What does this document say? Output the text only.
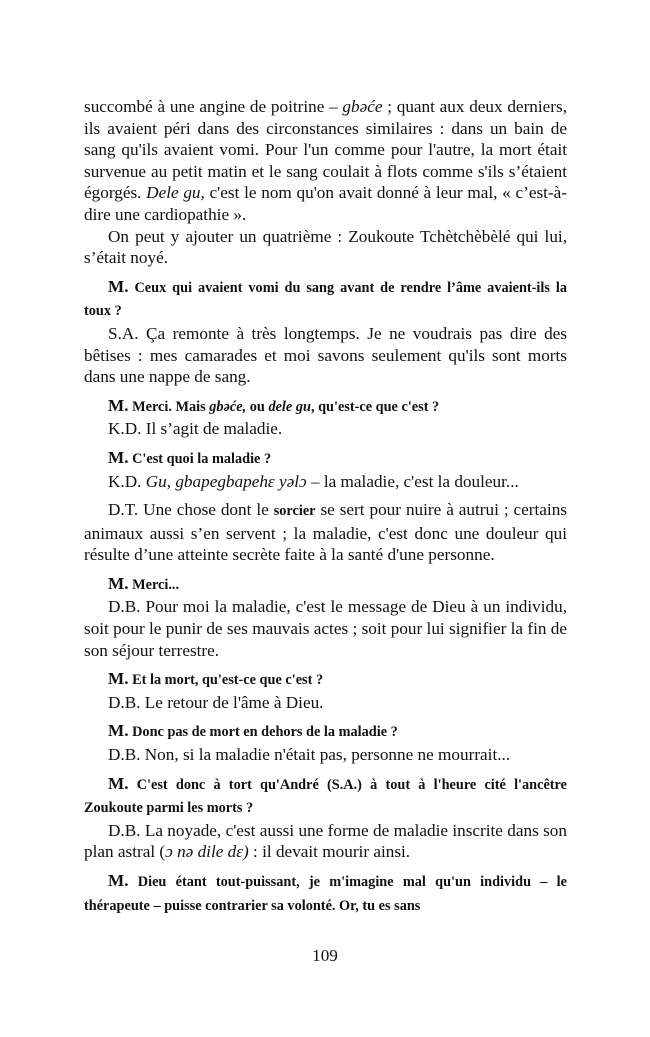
succombé à une angine de poitrine – gbəće ; quant aux deux derniers, ils avaient péri dans des circonstances similaires : dans un bain de sang qu'ils avaient vomi. Pour l'un comme pour l'autre, la mort était survenue au petit matin et le sang coulait à flots comme s'ils s’étaient égorgés. Dele gu, c'est le nom qu'on avait donné à leur mal, « c’est-à-dire une cardiopathie ».

On peut y ajouter un quatrième : Zoukoute Tchètchèbèlé qui lui, s’était noyé.

M. Ceux qui avaient vomi du sang avant de rendre l’âme avaient-ils la toux ?

S.A. Ça remonte à très longtemps. Je ne voudrais pas dire des bêtises : mes camarades et moi savons seulement qu'ils sont morts dans une nappe de sang.

M. Merci. Mais gbəće, ou dele gu, qu'est-ce que c'est ?

K.D. Il s’agit de maladie.

M. C'est quoi la maladie ?

K.D. Gu, gbapegbapehɛ yəlɔ – la maladie, c'est la douleur...

D.T. Une chose dont le sorcier se sert pour nuire à autrui ; certains animaux aussi s’en servent ; la maladie, c'est donc une douleur qui résulte d’une atteinte secrète faite à la santé d'une personne.

M. Merci...

D.B. Pour moi la maladie, c'est le message de Dieu à un individu, soit pour le punir de ses mauvais actes ; soit pour lui signifier la fin de son séjour terrestre.

M. Et la mort, qu'est-ce que c'est ?

D.B. Le retour de l'âme à Dieu.

M. Donc pas de mort en dehors de la maladie ?

D.B. Non, si la maladie n'était pas, personne ne mourrait...

M. C'est donc à tort qu'André (S.A.) à tout à l'heure cité l'ancêtre Zoukoute parmi les morts ?

D.B. La noyade, c'est aussi une forme de maladie inscrite dans son plan astral (ɔ nə dile dɛ) : il devait mourir ainsi.

M. Dieu étant tout-puissant, je m'imagine mal qu'un individu – le thérapeute – puisse contrarier sa volonté. Or, tu es sans

109
